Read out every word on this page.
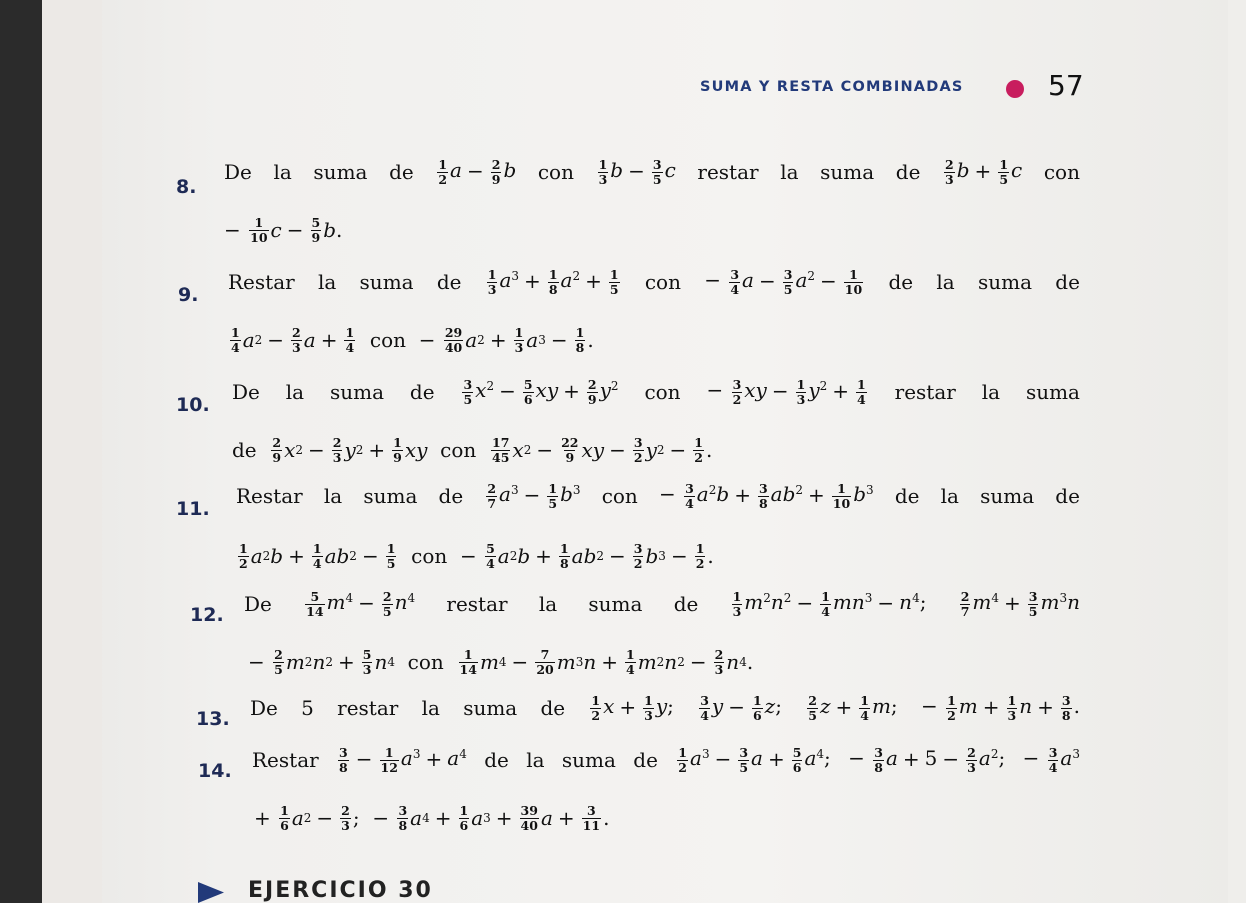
SUMA Y RESTA COMBINADAS	57
8.
De la suma de $\frac{1}{2}$ $a - \frac{2}{9}$ b con $\frac{1}{3}$ $b - \frac{3}{5}$ c restar la suma de $\frac{2}{3}$ $b + \frac{1}{5}$ c con
− $\frac{1}{10}$ $c - \frac{5}{9}$ b .
9.
Restar la suma de $\frac{1}{3} a^3 + \frac{1}{8} a^2 + \frac{1}{5}$ con − $\frac{3}{4}$ $a - \frac{3}{5} a^2 - \frac{1}{10}$ de la suma de
1
4 a $2 - \frac{2}{3}$ $a + \frac{1}{4}$ con  − 29
40 a $2 + \frac{1}{3}$ a $3 - \frac{1}{8}$ .
10.
De la suma de $\frac{3}{5} x^2 - \frac{5}{6}$ xy + $\frac{2}{9} y^2$ con − $\frac{3}{2}$ xy − $\frac{1}{3} y^2 + \frac{1}{4}$ restar la suma
de 2
9 x $2 - \frac{2}{3}$ y $2 + \frac{1}{9}$ xy con 17
45 x $2 - \frac{22}{9}$ xy − $\frac{3}{2}$ y $2 - \frac{1}{2}$ .
11.
Restar la suma de $\frac{2}{7} a^3 - \frac{1}{5} b^3$ con − $\frac{3}{4} a^2b + \frac{3}{8} ab^2 + \frac{1}{10} b^3$ de la suma de
1
2 a 2 $b + \frac{1}{4}$ ab $2 - \frac{1}{5}$ con  − 5
4 a 2 $b + \frac{1}{8}$ ab $2 - \frac{3}{2}$ b $3 - \frac{1}{2}$ .
12. De	$\frac{5}{14} m^4 - \frac{2}{5} n^4$ restar la suma de	$\frac{1}{3} m^2n^2 - \frac{1}{4} mn^3 - n^4$;	$\frac{2}{7} m^4 + \frac{3}{5} m^3n$
− 2
5 m 2 n $2 + \frac{5}{3}$ n 4 con 1
14 m $4 - \frac{7}{20}$ m 3 $n + \frac{1}{4}$ m 2 n $2 - \frac{2}{3}$ n 4 .
13. De 5 restar la suma de $\frac{1}{2}$ $x + \frac{1}{3} y$; $\frac{3}{4}$ $y - \frac{1}{6} z$; $\frac{2}{5}$ $z + \frac{1}{4} m$; − $\frac{1}{2}$ $m + \frac{1}{3}$ $n + \frac{3}{8}$ .
14. Restar $\frac{3}{8} - \frac{1}{12} a^3 + a^4$ de la suma de $\frac{1}{2} a^3 - \frac{3}{5}$ $a + \frac{5}{6} a^4$; − $\frac{3}{8}$ $a + 5 - \frac{2}{3} a^2$; − $\frac{3}{4} a^3$
+ 1
6 a $2 - \frac{2}{3}$ ;  − 3
8 a $4 + \frac{1}{6}$ a $3 + \frac{39}{40}$ $a + \frac{3}{11}$ .
EJERCICIO 30
